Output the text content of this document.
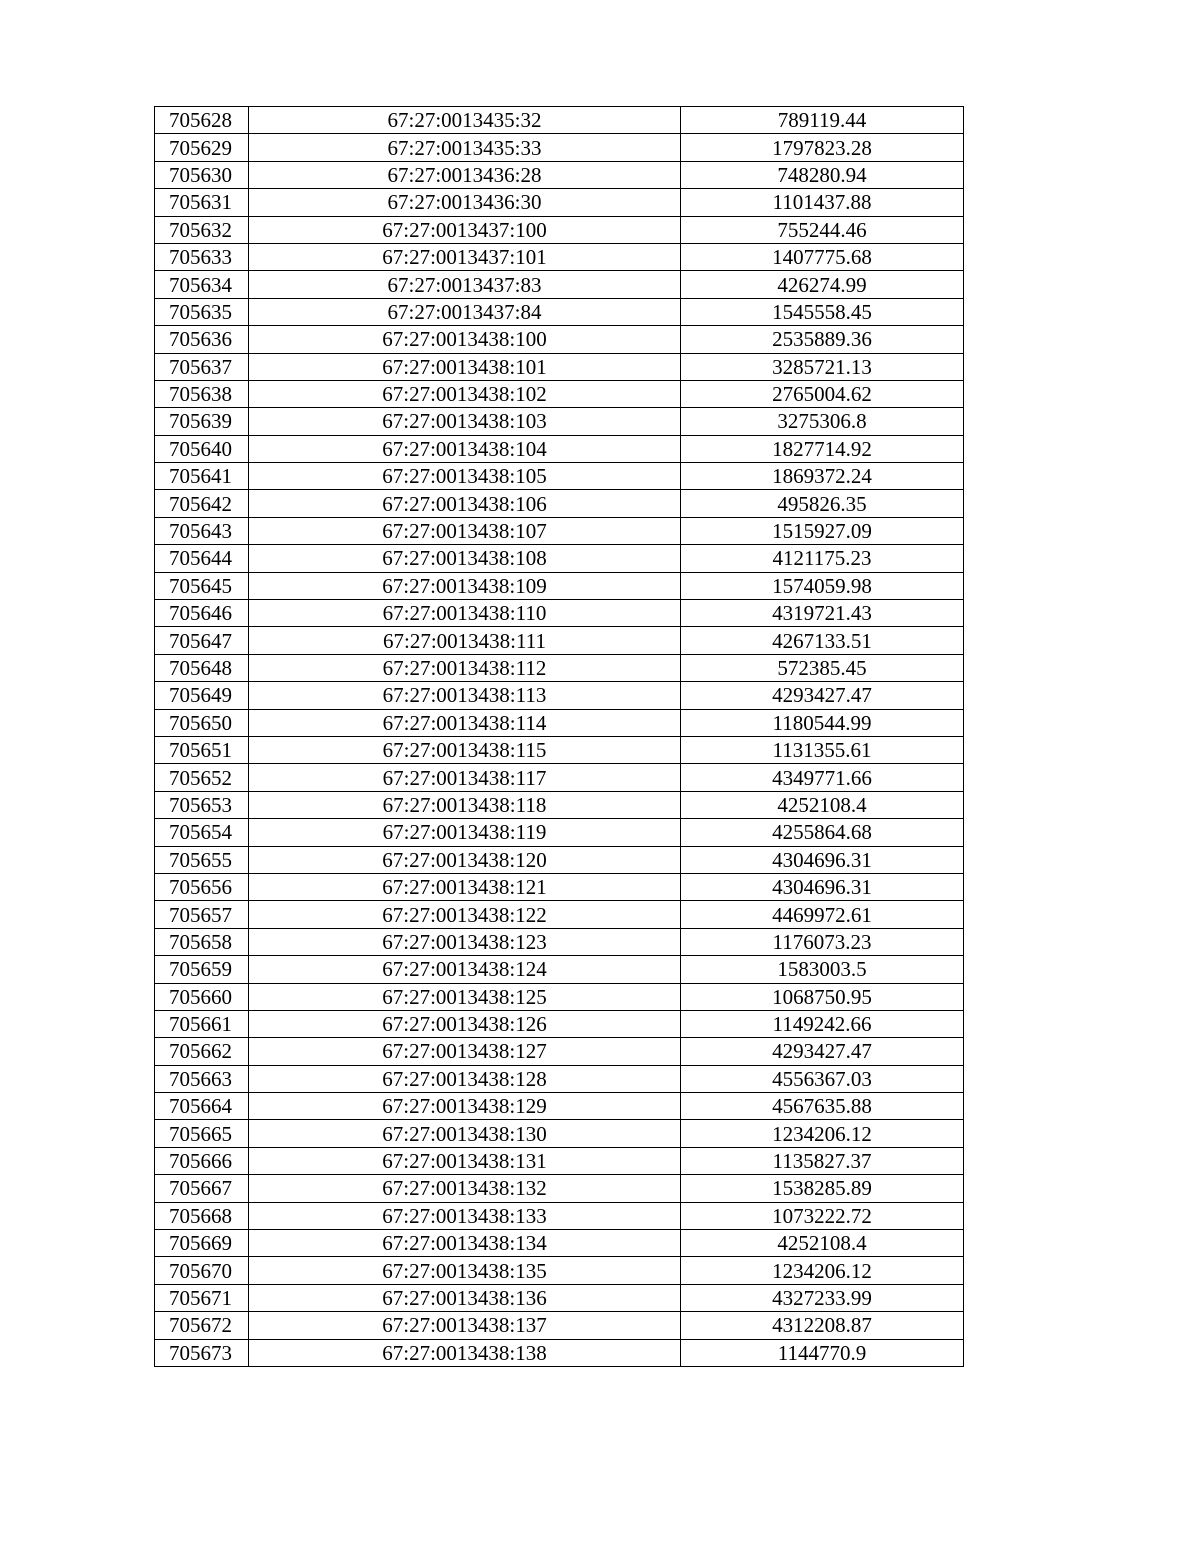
705628	67:27:0013435:32	789119.44
705629	67:27:0013435:33	1797823.28
705630	67:27:0013436:28	748280.94
705631	67:27:0013436:30	1101437.88
705632	67:27:0013437:100	755244.46
705633	67:27:0013437:101	1407775.68
705634	67:27:0013437:83	426274.99
705635	67:27:0013437:84	1545558.45
705636	67:27:0013438:100	2535889.36
705637	67:27:0013438:101	3285721.13
705638	67:27:0013438:102	2765004.62
705639	67:27:0013438:103	3275306.8
705640	67:27:0013438:104	1827714.92
705641	67:27:0013438:105	1869372.24
705642	67:27:0013438:106	495826.35
705643	67:27:0013438:107	1515927.09
705644	67:27:0013438:108	4121175.23
705645	67:27:0013438:109	1574059.98
705646	67:27:0013438:110	4319721.43
705647	67:27:0013438:111	4267133.51
705648	67:27:0013438:112	572385.45
705649	67:27:0013438:113	4293427.47
705650	67:27:0013438:114	1180544.99
705651	67:27:0013438:115	1131355.61
705652	67:27:0013438:117	4349771.66
705653	67:27:0013438:118	4252108.4
705654	67:27:0013438:119	4255864.68
705655	67:27:0013438:120	4304696.31
705656	67:27:0013438:121	4304696.31
705657	67:27:0013438:122	4469972.61
705658	67:27:0013438:123	1176073.23
705659	67:27:0013438:124	1583003.5
705660	67:27:0013438:125	1068750.95
705661	67:27:0013438:126	1149242.66
705662	67:27:0013438:127	4293427.47
705663	67:27:0013438:128	4556367.03
705664	67:27:0013438:129	4567635.88
705665	67:27:0013438:130	1234206.12
705666	67:27:0013438:131	1135827.37
705667	67:27:0013438:132	1538285.89
705668	67:27:0013438:133	1073222.72
705669	67:27:0013438:134	4252108.4
705670	67:27:0013438:135	1234206.12
705671	67:27:0013438:136	4327233.99
705672	67:27:0013438:137	4312208.87
705673	67:27:0013438:138	1144770.9
